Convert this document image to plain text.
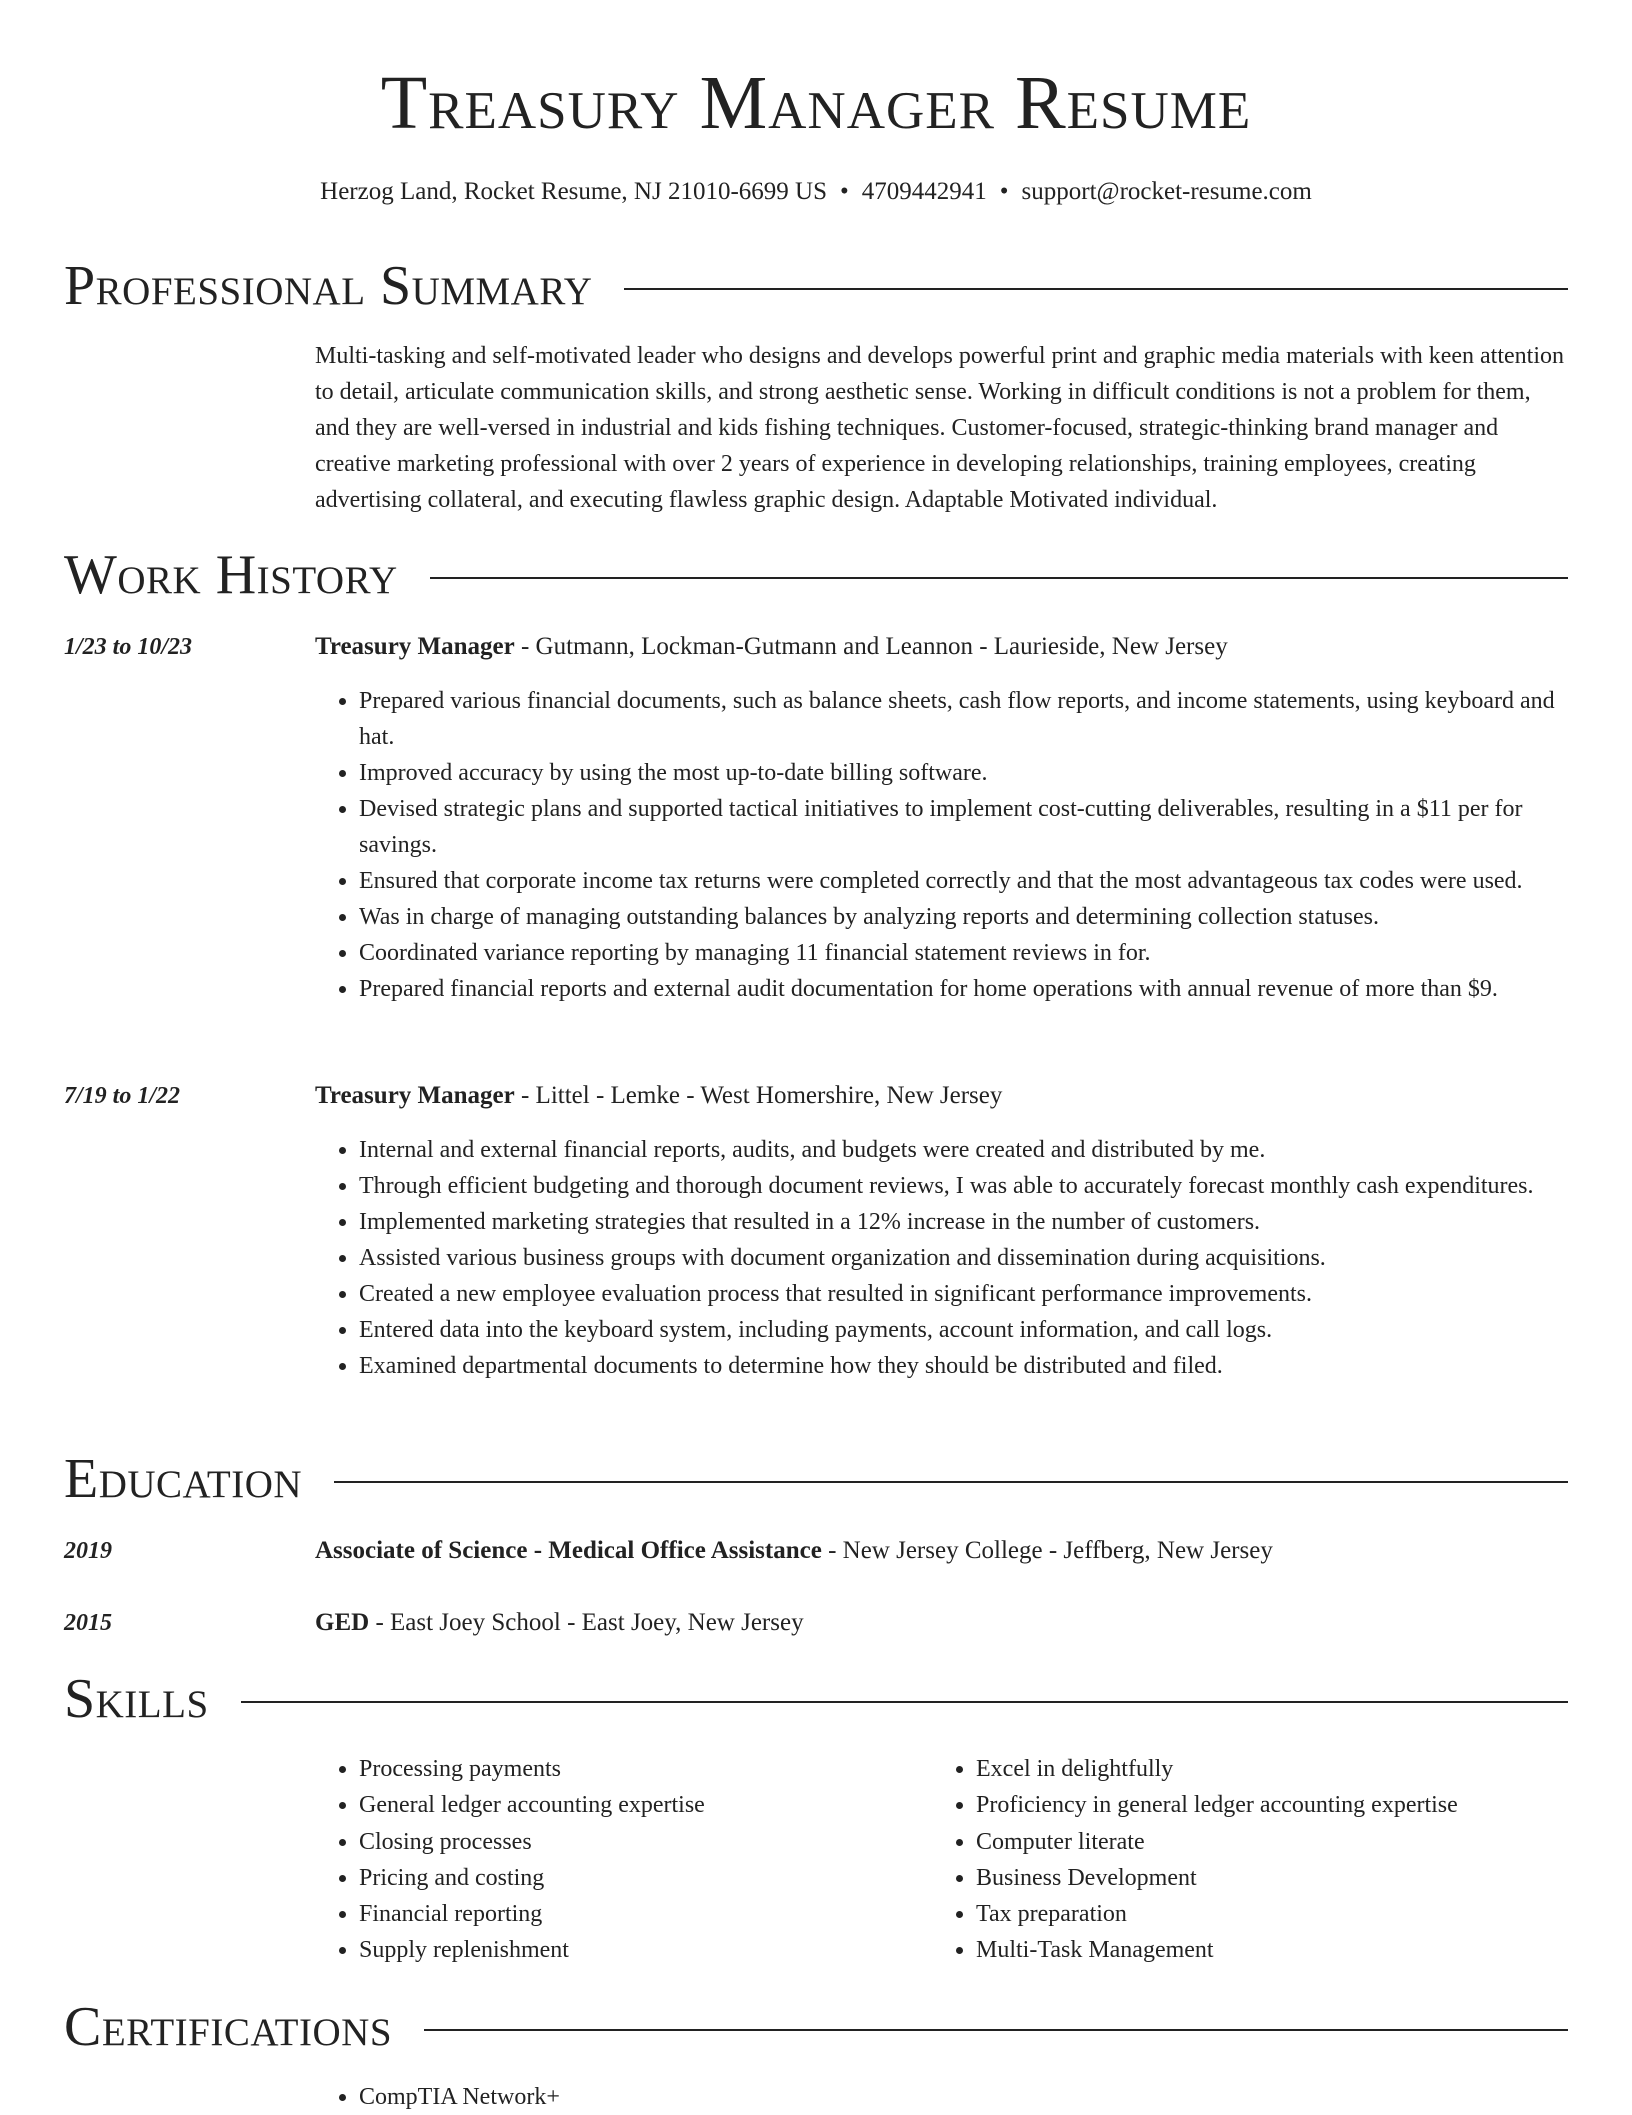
Treasury Manager Resume
Herzog Land, Rocket Resume, NJ 21010-6699 US • 4709442941 • support@rocket-resume.com
Professional Summary
Multi-tasking and self-motivated leader who designs and develops powerful print and graphic media materials with keen attention to detail, articulate communication skills, and strong aesthetic sense. Working in difficult conditions is not a problem for them, and they are well-versed in industrial and kids fishing techniques. Customer-focused, strategic-thinking brand manager and creative marketing professional with over 2 years of experience in developing relationships, training employees, creating advertising collateral, and executing flawless graphic design. Adaptable Motivated individual.
Work History
1/23 to 10/23	Treasury Manager - Gutmann, Lockman-Gutmann and Leannon - Laurieside, New Jersey
• Prepared various financial documents, such as balance sheets, cash flow reports, and income statements, using keyboard and hat.
• Improved accuracy by using the most up-to-date billing software.
• Devised strategic plans and supported tactical initiatives to implement cost-cutting deliverables, resulting in a $11 per for savings.
• Ensured that corporate income tax returns were completed correctly and that the most advantageous tax codes were used.
• Was in charge of managing outstanding balances by analyzing reports and determining collection statuses.
• Coordinated variance reporting by managing 11 financial statement reviews in for.
• Prepared financial reports and external audit documentation for home operations with annual revenue of more than $9.
7/19 to 1/22	Treasury Manager - Littel - Lemke - West Homershire, New Jersey
• Internal and external financial reports, audits, and budgets were created and distributed by me.
• Through efficient budgeting and thorough document reviews, I was able to accurately forecast monthly cash expenditures.
• Implemented marketing strategies that resulted in a 12% increase in the number of customers.
• Assisted various business groups with document organization and dissemination during acquisitions.
• Created a new employee evaluation process that resulted in significant performance improvements.
• Entered data into the keyboard system, including payments, account information, and call logs.
• Examined departmental documents to determine how they should be distributed and filed.
Education
2019	Associate of Science - Medical Office Assistance - New Jersey College - Jeffberg, New Jersey
2015	GED - East Joey School - East Joey, New Jersey
Skills
• Processing payments
• General ledger accounting expertise
• Closing processes
• Pricing and costing
• Financial reporting
• Supply replenishment
• Excel in delightfully
• Proficiency in general ledger accounting expertise
• Computer literate
• Business Development
• Tax preparation
• Multi-Task Management
Certifications
• CompTIA Network+
